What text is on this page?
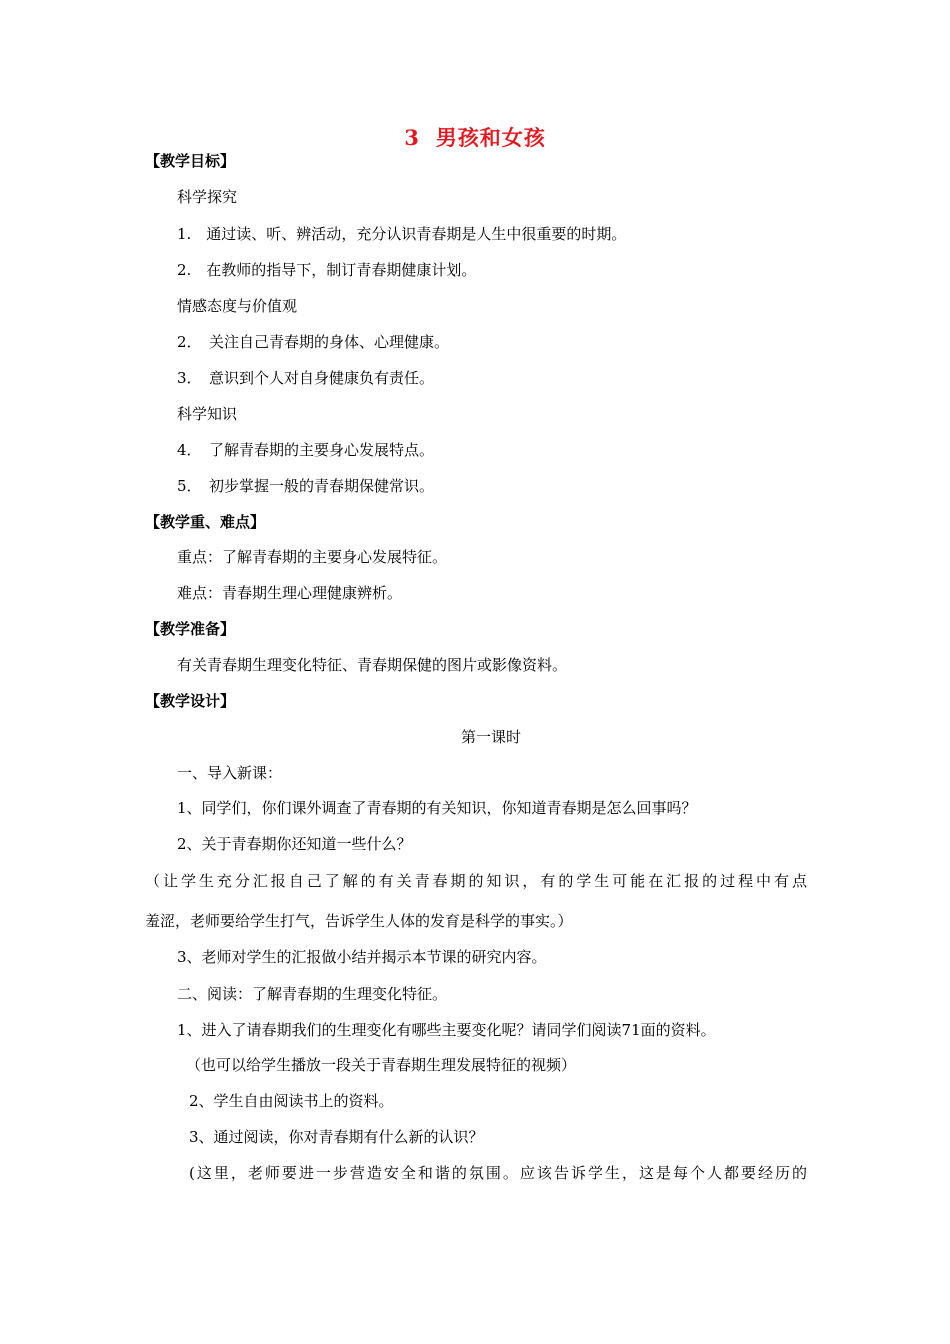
3 男孩和女孩
【教学目标】
科学探究
1.　通过读、听、辨活动，充分认识青春期是人生中很重要的时期。
2.　在教师的指导下，制订青春期健康计划。
情感态度与价值观
2．　关注自己青春期的身体、心理健康。
3．　意识到个人对自身健康负有责任。
科学知识
4．　了解青春期的主要身心发展特点。
5．　初步掌握一般的青春期保健常识。
【教学重、难点】
重点：了解青春期的主要身心发展特征。
难点：青春期生理心理健康辨析。
【教学准备】
有关青春期生理变化特征、青春期保健的图片或影像资料。
【教学设计】
第一课时
一、导入新课：
1、同学们，你们课外调查了青春期的有关知识，你知道青春期是怎么回事吗？
2、关于青春期你还知道一些什么？
（让学生充分汇报自己了解的有关青春期的知识，有的学生可能在汇报的过程中有点
羞涩，老师要给学生打气，告诉学生人体的发育是科学的事实。）
3、老师对学生的汇报做小结并揭示本节课的研究内容。
二、阅读：了解青春期的生理变化特征。
1、进入了请春期我们的生理变化有哪些主要变化呢？请同学们阅读71面的资料。
（也可以给学生播放一段关于青春期生理发展特征的视频）
2、学生自由阅读书上的资料。
3、通过阅读，你对青春期有什么新的认识？
(这里，老师要进一步营造安全和谐的氛围。应该告诉学生，这是每个人都要经历的
